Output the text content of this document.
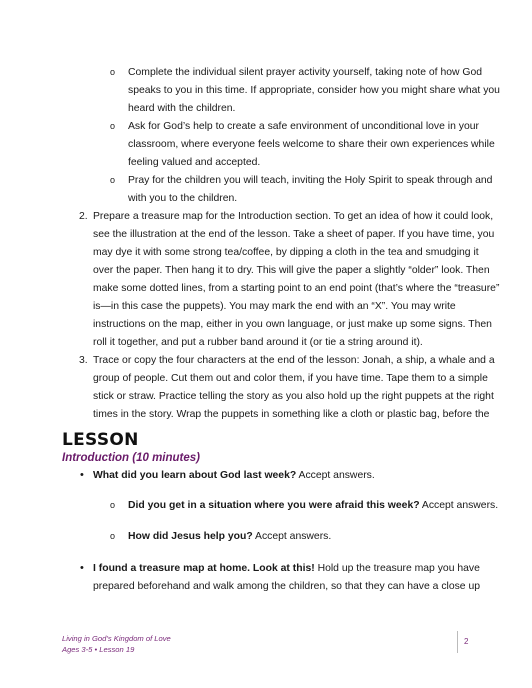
o Complete the individual silent prayer activity yourself, taking note of how God
speaks to you in this time. If appropriate, consider how you might share what you
heard with the children.
o Ask for God’s help to create a safe environment of unconditional love in your
classroom, where everyone feels welcome to share their own experiences while
feeling valued and accepted.
o Pray for the children you will teach, inviting the Holy Spirit to speak through and
with you to the children.
2. Prepare a treasure map for the Introduction section. To get an idea of how it could look,
see the illustration at the end of the lesson. Take a sheet of paper. If you have time, you
may dye it with some strong tea/coffee, by dipping a cloth in the tea and smudging it
over the paper. Then hang it to dry. This will give the paper a slightly “older” look. Then
make some dotted lines, from a starting point to an end point (that’s where the “treasure”
is—in this case the puppets). You may mark the end with an “X”. You may write
instructions on the map, either in you own language, or just make up some signs. Then
roll it together, and put a rubber band around it (or tie a string around it).
3. Trace or copy the four characters at the end of the lesson: Jonah, a ship, a whale and a
group of people. Cut them out and color them, if you have time. Tape them to a simple
stick or straw. Practice telling the story as you also hold up the right puppets at the right
times in the story. Wrap the puppets in something like a cloth or plastic bag, before the
LESSON
Introduction (10 minutes)
• What did you learn about God last week? Accept answers.
o Did you get in a situation where you were afraid this week? Accept answers.
o How did Jesus help you? Accept answers.
• I found a treasure map at home. Look at this! Hold up the treasure map you have
prepared beforehand and walk among the children, so that they can have a close up
Living in God’s Kingdom of Love
Ages 3-5 • Lesson 19
2
